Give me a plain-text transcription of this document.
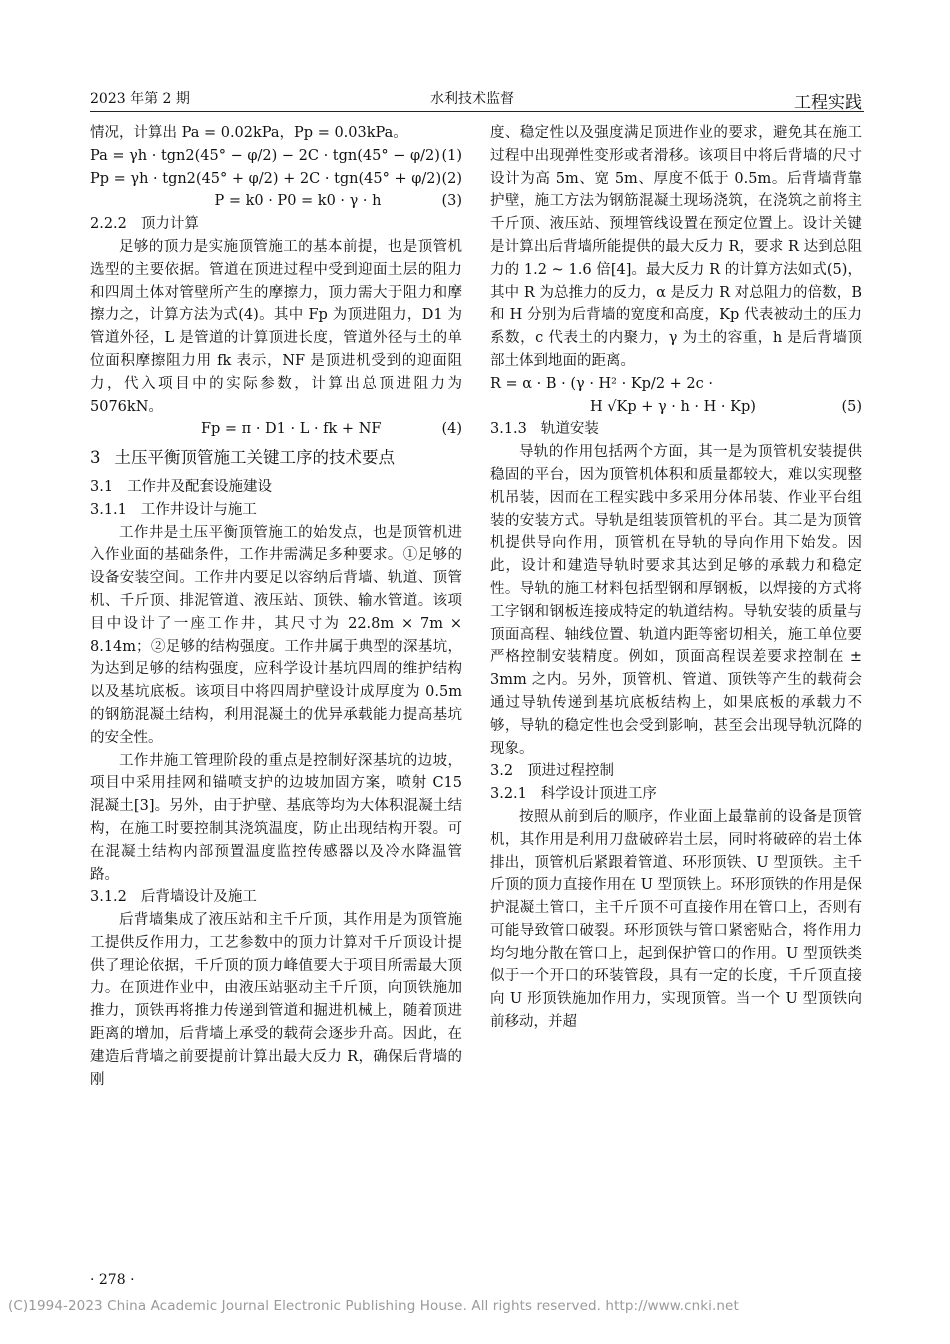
2023 年第 2 期	水利技术监督	工程实践

情况，计算出 Pa = 0.02kPa，Pp = 0.03kPa。

Pa = γh · tgn2(45° − φ/2) − 2C · tgn(45° − φ/2) (1)

Pp = γh · tgn2(45° + φ/2) + 2C · tgn(45° + φ/2) (2)

P = k0 · P0 = k0 · γ · h	(3)

2.2.2 顶力计算

足够的顶力是实施顶管施工的基本前提，也是顶管机选型的主要依据。管道在顶进过程中受到迎面土层的阻力和四周土体对管壁所产生的摩擦力，顶力需大于阻力和摩擦力之，计算方法为式(4)。其中 Fp 为顶进阻力，D1 为管道外径，L 是管道的计算顶进长度，管道外径与土的单位面积摩擦阻力用 fk 表示，NF 是顶进机受到的迎面阻力，代入项目中的实际参数，计算出总顶进阻力为 5076kN。

Fp = π · D1 · L · fk + NF	(4)

3 土压平衡顶管施工关键工序的技术要点

3.1 工作井及配套设施建设

3.1.1 工作井设计与施工

工作井是土压平衡顶管施工的始发点，也是顶管机进入作业面的基础条件，工作井需满足多种要求。①足够的设备安装空间。工作井内要足以容纳后背墙、轨道、顶管机、千斤顶、排泥管道、液压站、顶铁、输水管道。该项目中设计了一座工作井，其尺寸为 22.8m × 7m × 8.14m；②足够的结构强度。工作井属于典型的深基坑，为达到足够的结构强度，应科学设计基坑四周的维护结构以及基坑底板。该项目中将四周护壁设计成厚度为 0.5m 的钢筋混凝土结构，利用混凝土的优异承载能力提高基坑的安全性。

工作井施工管理阶段的重点是控制好深基坑的边坡，项目中采用挂网和锚喷支护的边坡加固方案，喷射 C15 混凝土[3]。另外，由于护壁、基底等均为大体积混凝土结构，在施工时要控制其浇筑温度，防止出现结构开裂。可在混凝土结构内部预置温度监控传感器以及冷水降温管路。

3.1.2 后背墙设计及施工

后背墙集成了液压站和主千斤顶，其作用是为顶管施工提供反作用力，工艺参数中的顶力计算对千斤顶设计提供了理论依据，千斤顶的顶力峰值要大于项目所需最大顶力。在顶进作业中，由液压站驱动主千斤顶，向顶铁施加推力，顶铁再将推力传递到管道和掘进机械上，随着顶进距离的增加，后背墙上承受的载荷会逐步升高。因此，在建造后背墙之前要提前计算出最大反力 R，确保后背墙的刚

度、稳定性以及强度满足顶进作业的要求，避免其在施工过程中出现弹性变形或者滑移。该项目中将后背墙的尺寸设计为高 5m、宽 5m、厚度不低于 0.5m。后背墙背靠护壁，施工方法为钢筋混凝土现场浇筑，在浇筑之前将主千斤顶、液压站、预埋管线设置在预定位置上。设计关键是计算出后背墙所能提供的最大反力 R，要求 R 达到总阻力的 1.2 ~ 1.6 倍[4]。最大反力 R 的计算方法如式(5)，其中 R 为总推力的反力，α 是反力 R 对总阻力的倍数，B 和 H 分别为后背墙的宽度和高度，Kp 代表被动土的压力系数，c 代表土的内聚力，γ 为土的容重，h 是后背墙顶部土体到地面的距离。

R = α · B · (γ · H² · Kp/2 + 2c ·

H √Kp + γ · h · H · Kp)	(5)

3.1.3 轨道安装

导轨的作用包括两个方面，其一是为顶管机安装提供稳固的平台，因为顶管机体积和质量都较大，难以实现整机吊装，因而在工程实践中多采用分体吊装、作业平台组装的安装方式。导轨是组装顶管机的平台。其二是为顶管机提供导向作用，顶管机在导轨的导向作用下始发。因此，设计和建造导轨时要求其达到足够的承载力和稳定性。导轨的施工材料包括型钢和厚钢板，以焊接的方式将工字钢和钢板连接成特定的轨道结构。导轨安装的质量与顶面高程、轴线位置、轨道内距等密切相关，施工单位要严格控制安装精度。例如，顶面高程误差要求控制在 ± 3mm 之内。另外，顶管机、管道、顶铁等产生的载荷会通过导轨传递到基坑底板结构上，如果底板的承载力不够，导轨的稳定性也会受到影响，甚至会出现导轨沉降的现象。

3.2 顶进过程控制

3.2.1 科学设计顶进工序

按照从前到后的顺序，作业面上最靠前的设备是顶管机，其作用是利用刀盘破碎岩土层，同时将破碎的岩土体排出，顶管机后紧跟着管道、环形顶铁、U 型顶铁。主千斤顶的顶力直接作用在 U 型顶铁上。环形顶铁的作用是保护混凝土管口，主千斤顶不可直接作用在管口上，否则有可能导致管口破裂。环形顶铁与管口紧密贴合，将作用力均匀地分散在管口上，起到保护管口的作用。U 型顶铁类似于一个开口的环装管段，具有一定的长度，千斤顶直接向 U 形顶铁施加作用力，实现顶管。当一个 U 型顶铁向前移动，并超

· 278 ·
(C)1994-2023 China Academic Journal Electronic Publishing House. All rights reserved. http://www.cnki.net
